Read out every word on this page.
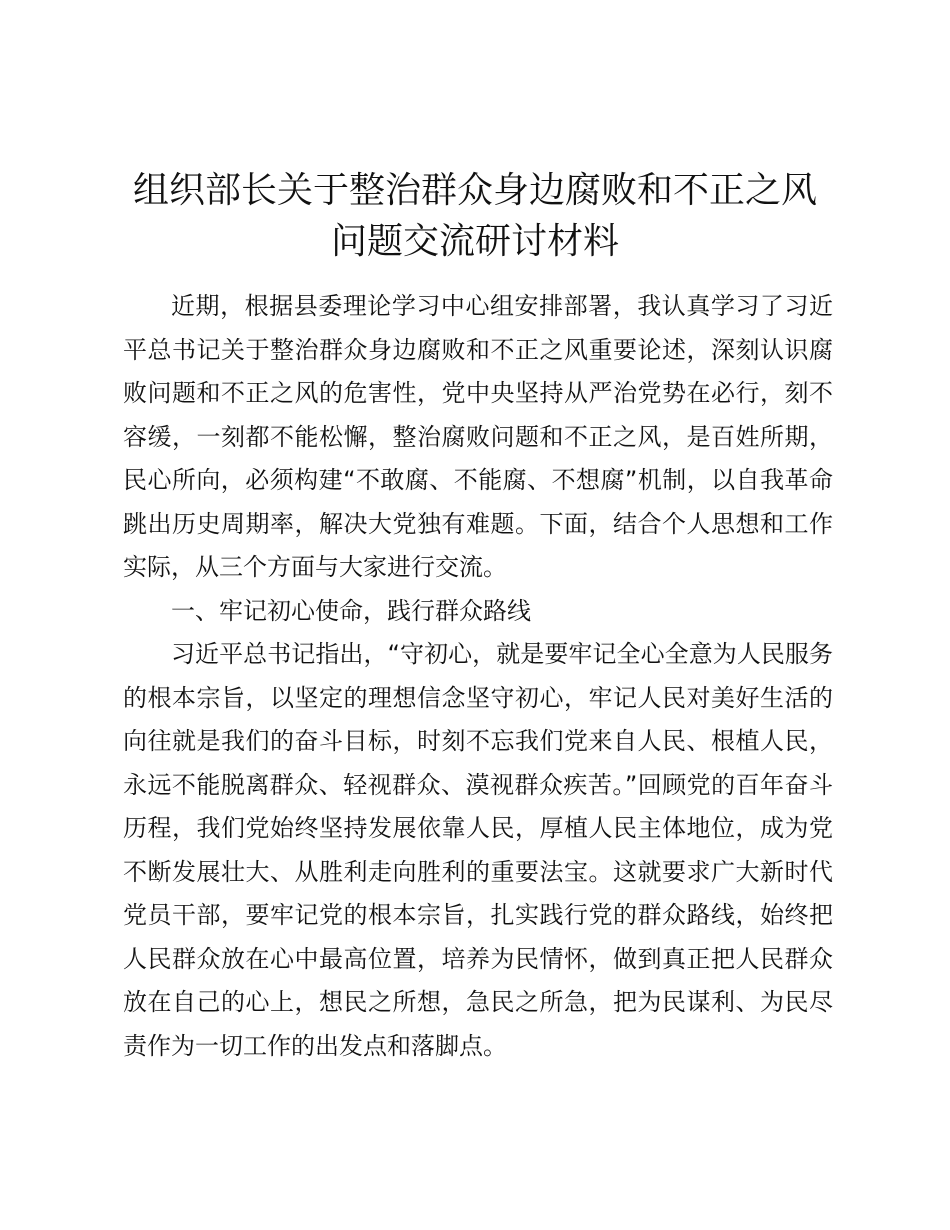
组织部长关于整治群众身边腐败和不正之风问题交流研讨材料

近期，根据县委理论学习中心组安排部署，我认真学习了习近平总书记关于整治群众身边腐败和不正之风重要论述，深刻认识腐败问题和不正之风的危害性，党中央坚持从严治党势在必行，刻不容缓，一刻都不能松懈，整治腐败问题和不正之风，是百姓所期，民心所向，必须构建“不敢腐、不能腐、不想腐”机制，以自我革命跳出历史周期率，解决大党独有难题。下面，结合个人思想和工作实际，从三个方面与大家进行交流。

一、牢记初心使命，践行群众路线

习近平总书记指出，“守初心，就是要牢记全心全意为人民服务的根本宗旨，以坚定的理想信念坚守初心，牢记人民对美好生活的向往就是我们的奋斗目标，时刻不忘我们党来自人民、根植人民，永远不能脱离群众、轻视群众、漠视群众疾苦。”回顾党的百年奋斗历程，我们党始终坚持发展依靠人民，厚植人民主体地位，成为党不断发展壮大、从胜利走向胜利的重要法宝。这就要求广大新时代党员干部，要牢记党的根本宗旨，扎实践行党的群众路线，始终把人民群众放在心中最高位置，培养为民情怀，做到真正把人民群众放在自己的心上，想民之所想，急民之所急，把为民谋利、为民尽责作为一切工作的出发点和落脚点。
